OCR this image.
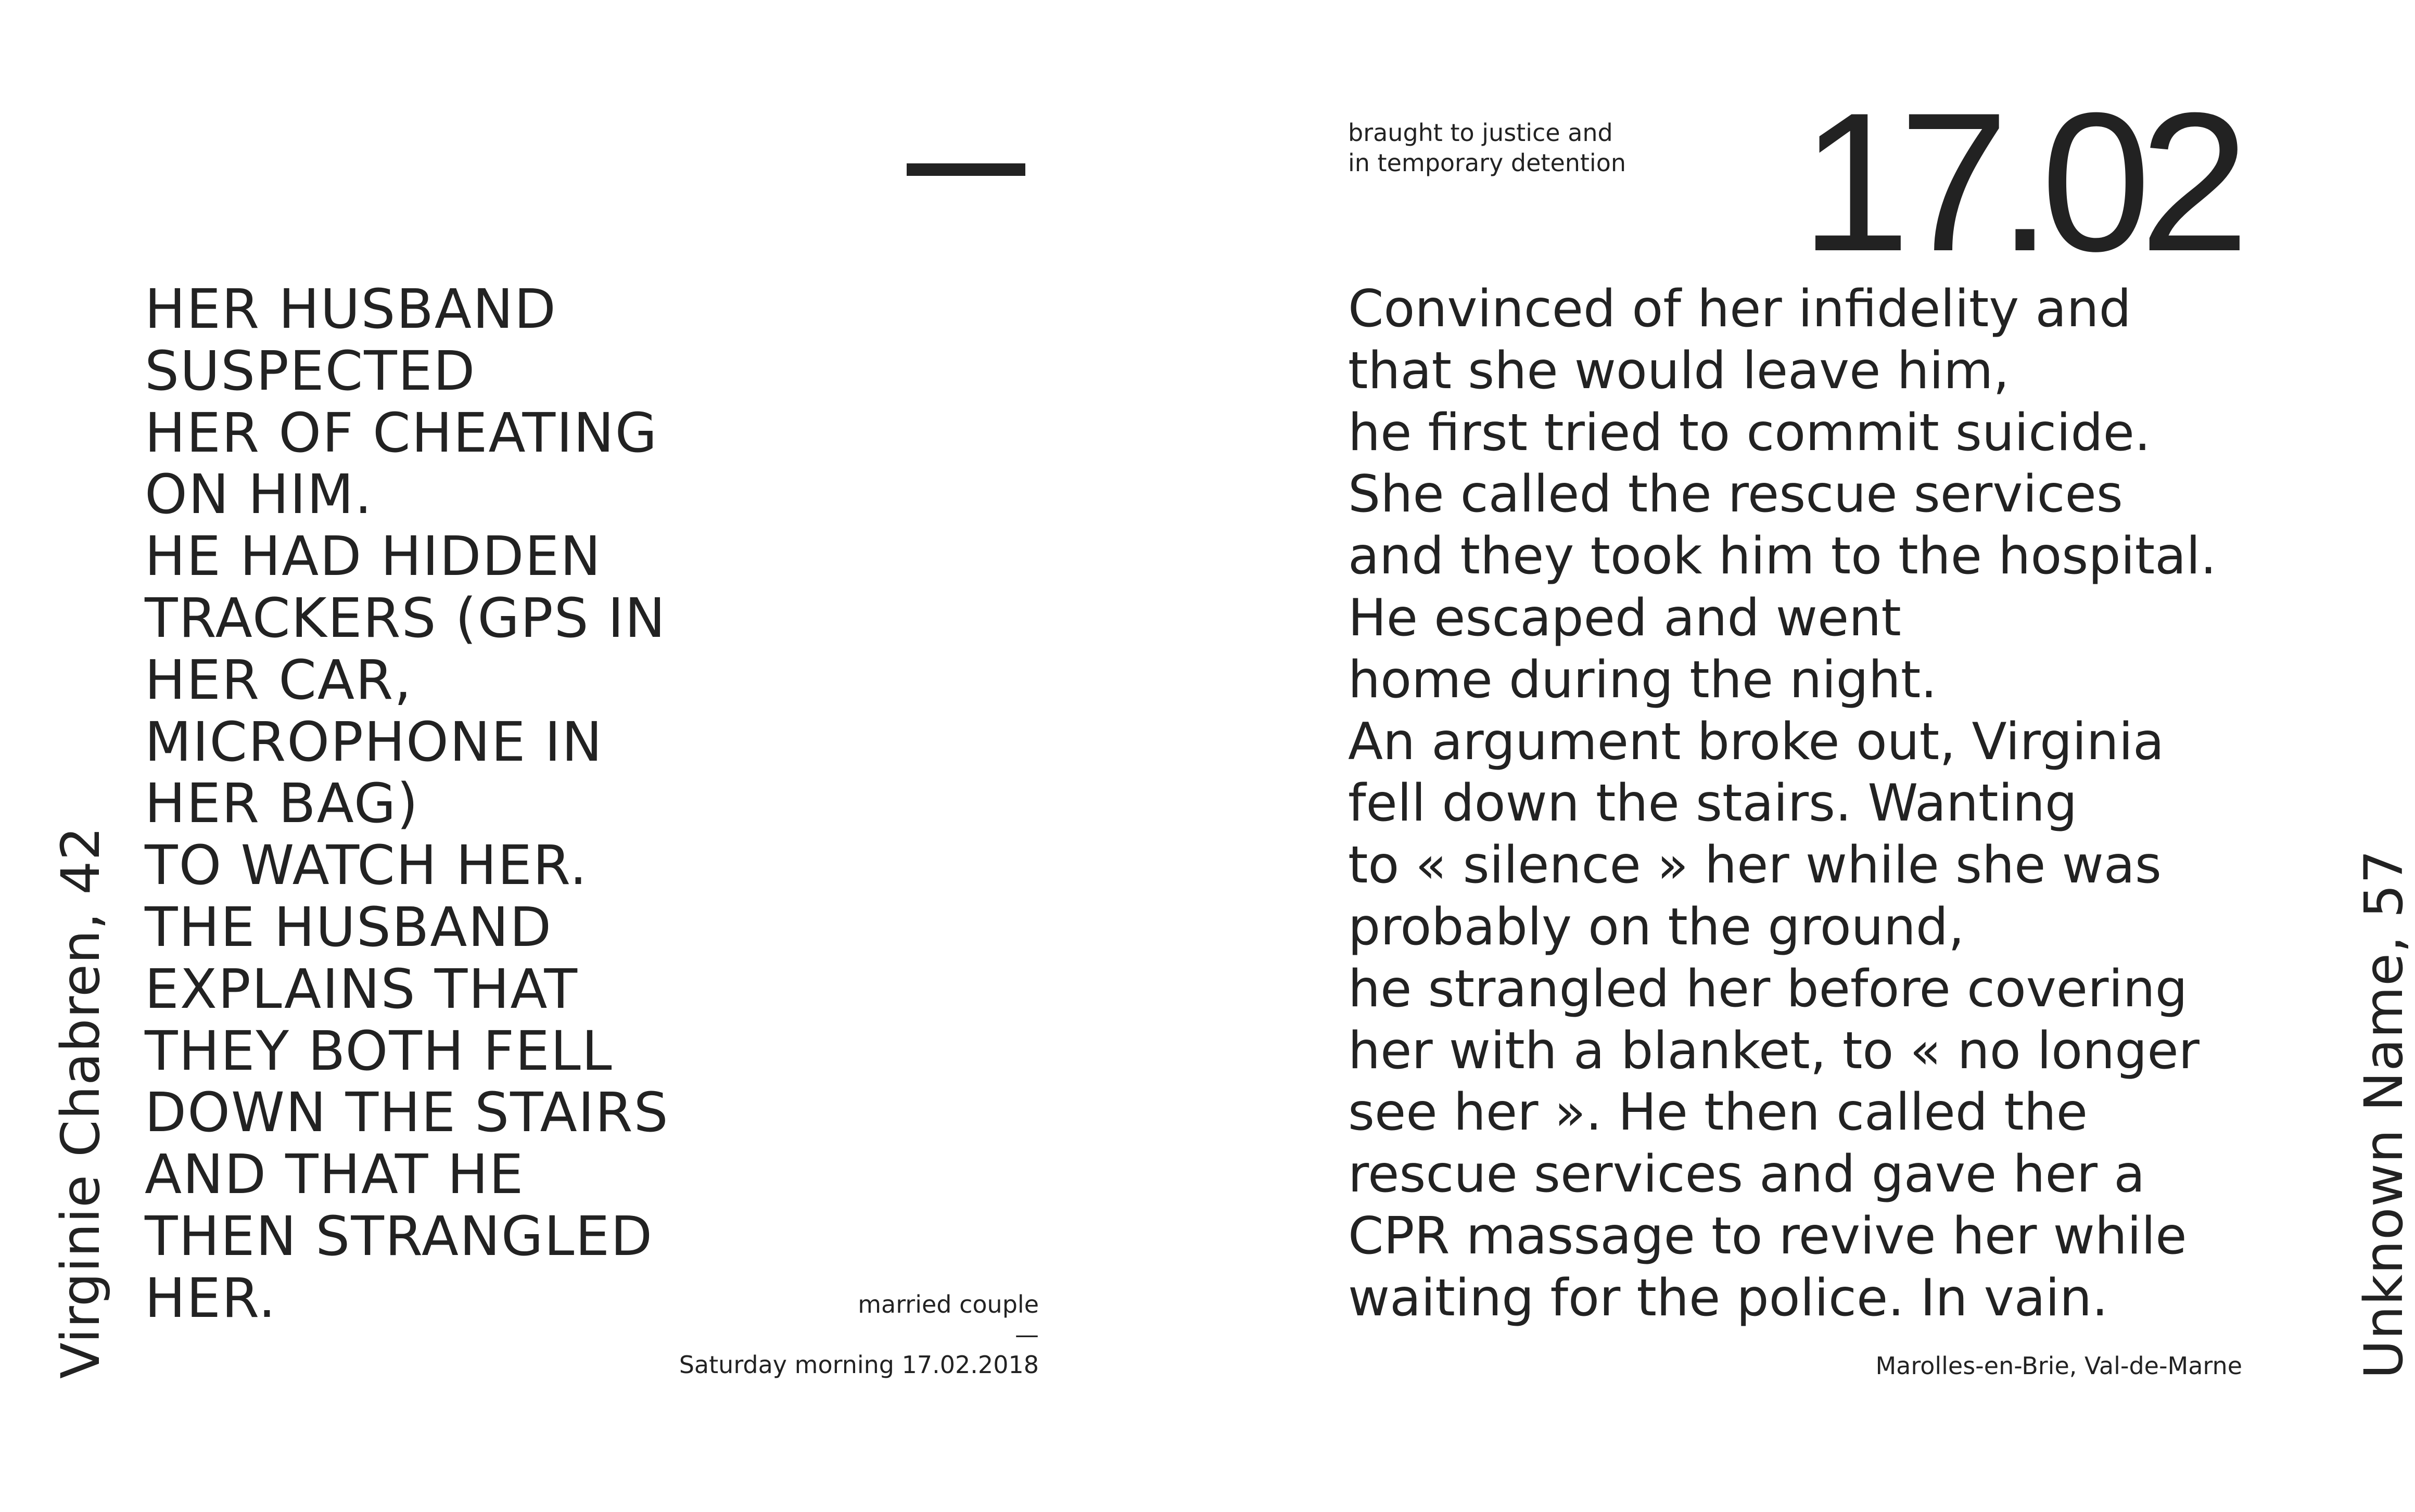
Virginie Chabren, 42
HER HUSBAND
SUSPECTED
HER OF CHEATING
ON HIM.
HE HAD HIDDEN
TRACKERS (GPS IN
HER CAR,
MICROPHONE IN
HER BAG)
TO WATCH HER.
THE HUSBAND
EXPLAINS THAT
THEY BOTH FELL
DOWN THE STAIRS
AND THAT HE
THEN STRANGLED
HER.	married couple
—
Saturday morning 17.02.2018
braught to justice and
in temporary detention 17.02

Convinced of her infidelity and
that she would leave him,
he first tried to commit suicide.
She called the rescue services
and they took him to the hospital.
He escaped and went
home during the night.
An argument broke out, Virginia
fell down the stairs. Wanting
to « silence » her while she was
probably on the ground,
he strangled her before covering
her with a blanket, to « no longer
see her ». He then called the
rescue services and gave her a
CPR massage to revive her while
waiting for the police. In vain.

Marolles-en-Brie, Val-de-Marne Unknown Name, 57
